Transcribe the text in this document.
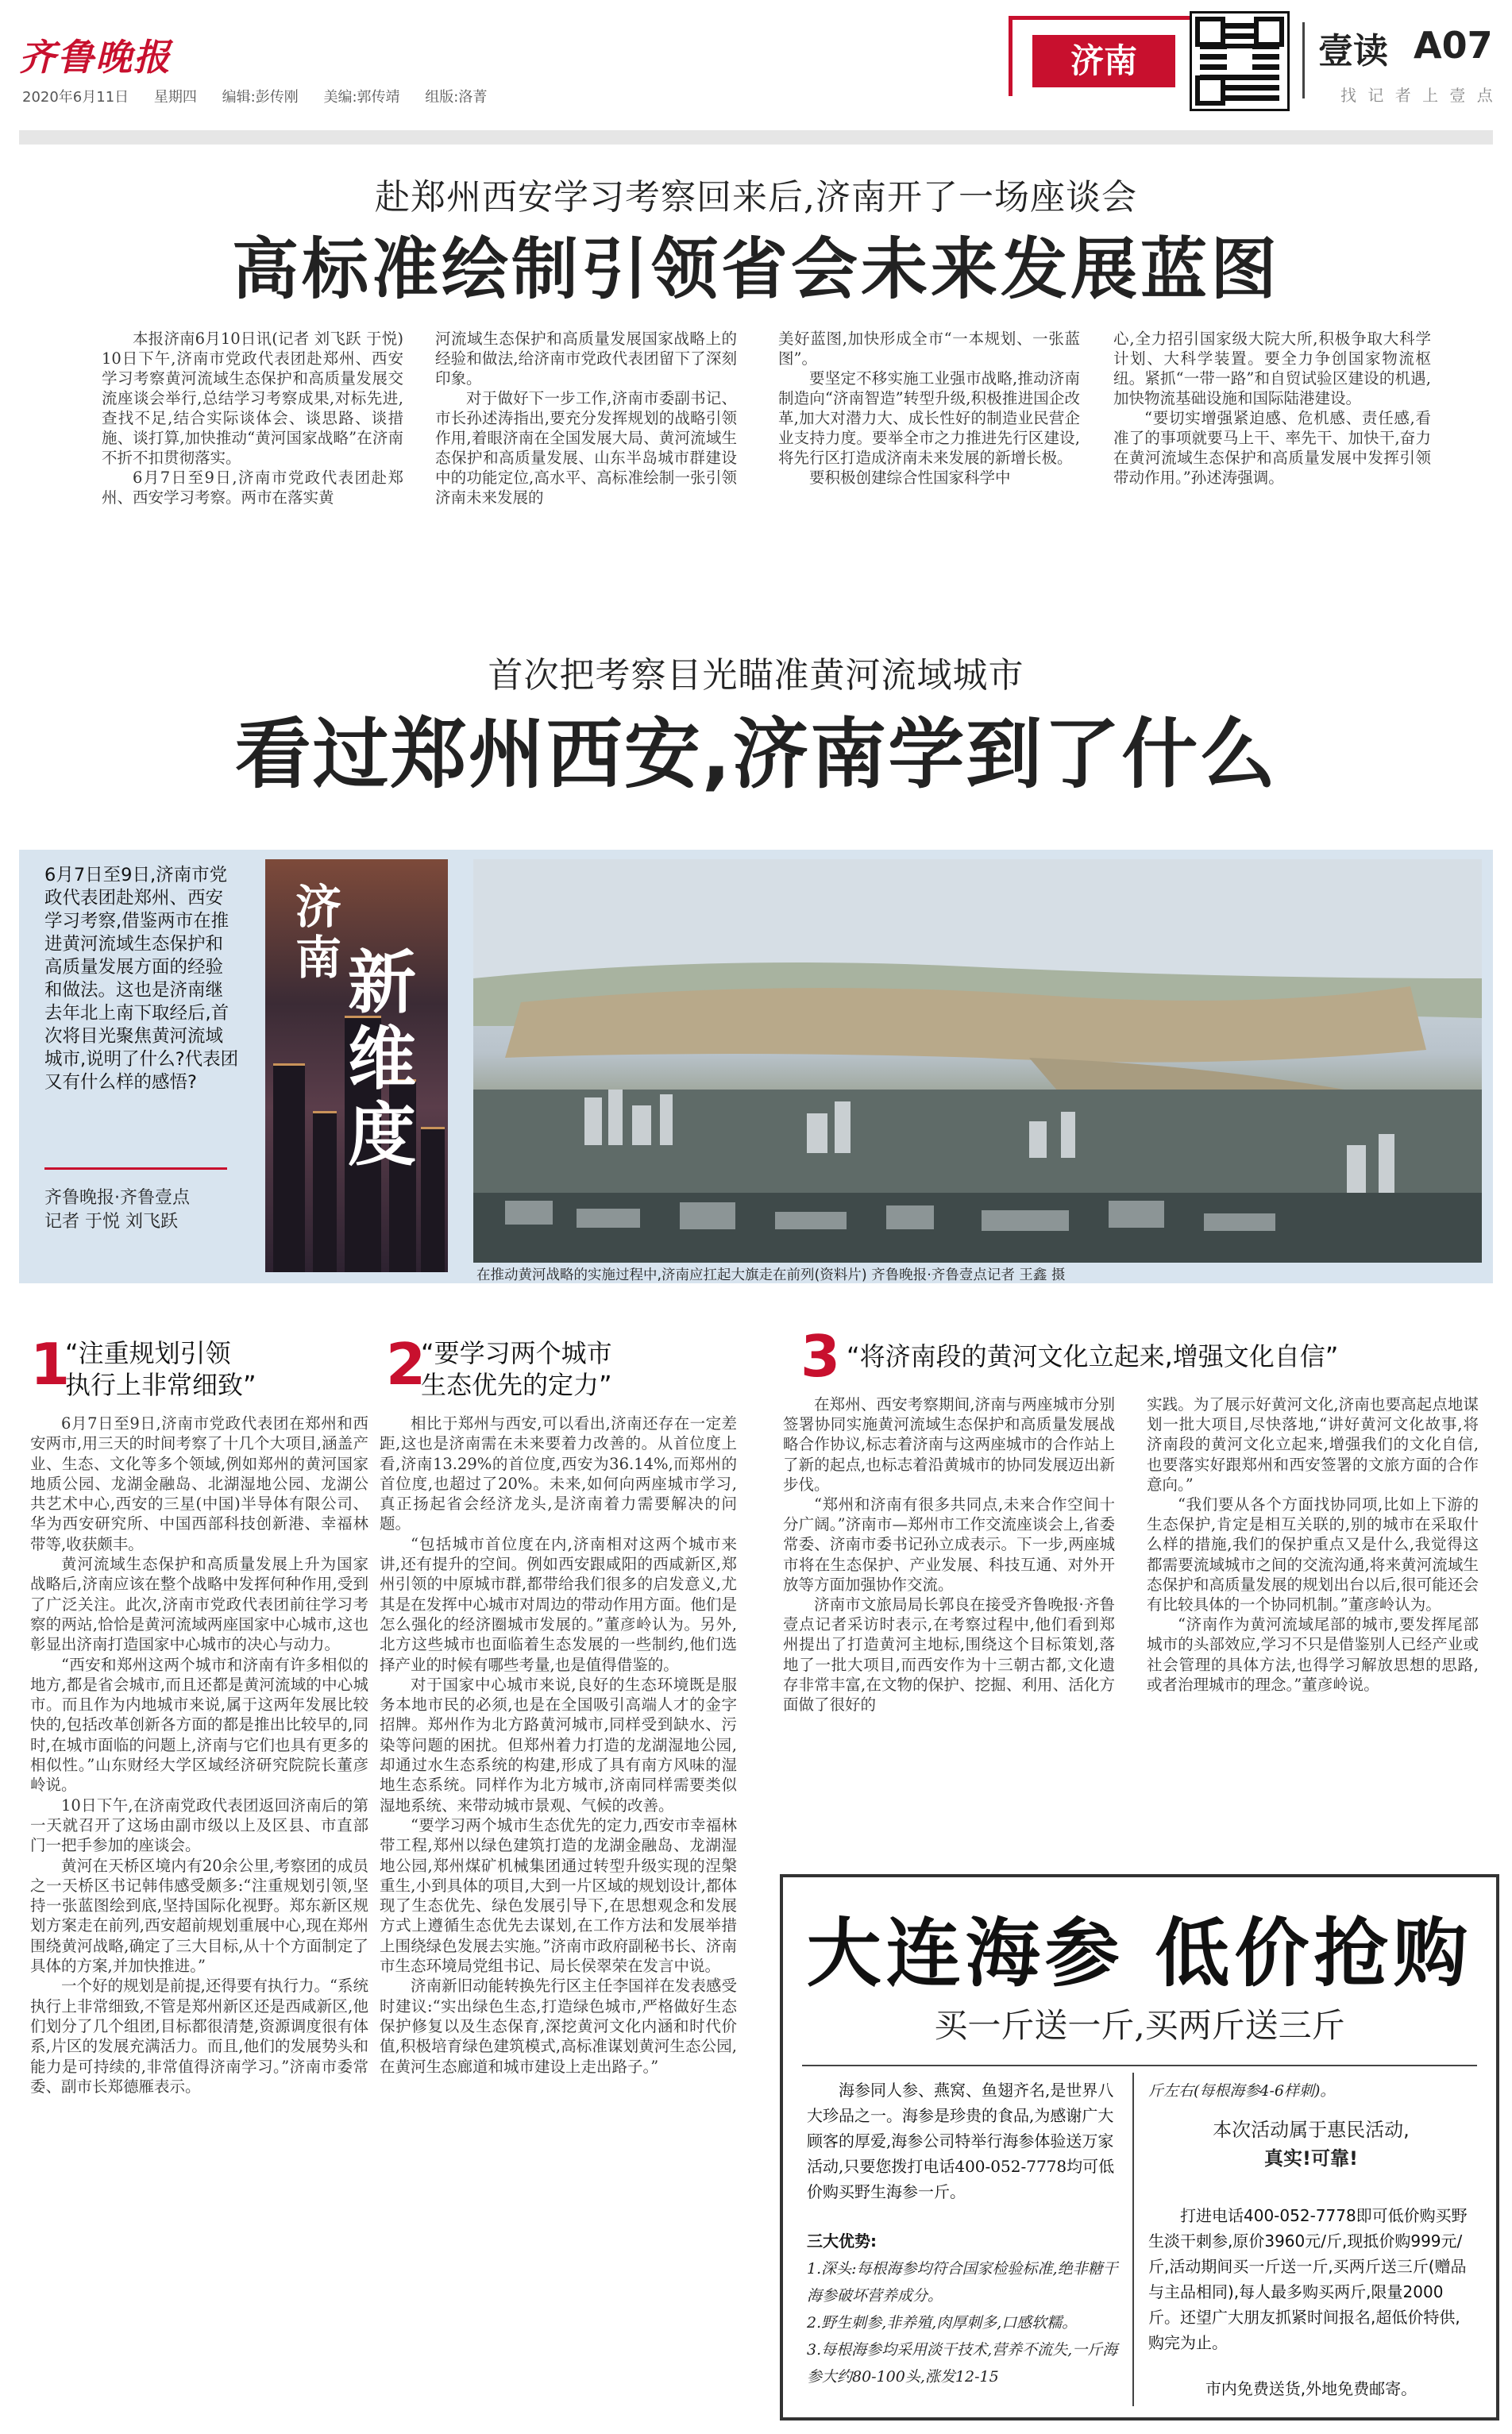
齐鲁晚报
2020年6月11日 星期四 编辑:彭传刚 美编:郭传靖 组版:洛菁
济南	壹读 A07
找 记 者 上 壹 点
赴郑州西安学习考察回来后,济南开了一场座谈会
高标准绘制引领省会未来发展蓝图

本报济南6月10日讯(记者 刘飞跃 于悦) 10日下午,济南市党政代表团赴郑州、西安学习考察黄河流域生态保护和高质量发展交流座谈会举行,总结学习考察成果,对标先进,查找不足,结合实际谈体会、谈思路、谈措施、谈打算,加快推动“黄河国家战略”在济南不折不扣贯彻落实。

6月7日至9日,济南市党政代表团赴郑州、西安学习考察。两市在落实黄

河流域生态保护和高质量发展国家战略上的经验和做法,给济南市党政代表团留下了深刻印象。

对于做好下一步工作,济南市委副书记、市长孙述涛指出,要充分发挥规划的战略引领作用,着眼济南在全国发展大局、黄河流域生态保护和高质量发展、山东半岛城市群建设中的功能定位,高水平、高标准绘制一张引领济南未来发展的

美好蓝图,加快形成全市“一本规划、一张蓝图”。

要坚定不移实施工业强市战略,推动济南制造向“济南智造”转型升级,积极推进国企改革,加大对潜力大、成长性好的制造业民营企业支持力度。要举全市之力推进先行区建设,将先行区打造成济南未来发展的新增长极。

要积极创建综合性国家科学中

心,全力招引国家级大院大所,积极争取大科学计划、大科学装置。要全力争创国家物流枢纽。紧抓“一带一路”和自贸试验区建设的机遇,加快物流基础设施和国际陆港建设。

“要切实增强紧迫感、危机感、责任感,看准了的事项就要马上干、率先干、加快干,奋力在黄河流域生态保护和高质量发展中发挥引领带动作用。”孙述涛强调。

首次把考察目光瞄准黄河流域城市
看过郑州西安,济南学到了什么
6月7日至9日,济南市党政代表团赴郑州、西安学习考察,借鉴两市在推进黄河流域生态保护和高质量发展方面的经验和做法。这也是济南继去年北上南下取经后,首次将目光聚焦黄河流域城市,说明了什么?代表团又有什么样的感悟?
齐鲁晚报·齐鲁壹点
记者 于悦 刘飞跃
济南 新维度
在推动黄河战略的实施过程中,济南应扛起大旗走在前列(资料片) 齐鲁晚报·齐鲁壹点记者 王鑫 摄
1
“注重规划引领
执行上非常细致”

6月7日至9日,济南市党政代表团在郑州和西安两市,用三天的时间考察了十几个大项目,涵盖产业、生态、文化等多个领域,例如郑州的黄河国家地质公园、龙湖金融岛、北湖湿地公园、龙湖公共艺术中心,西安的三星(中国)半导体有限公司、华为西安研究所、中国西部科技创新港、幸福林带等,收获颇丰。

黄河流域生态保护和高质量发展上升为国家战略后,济南应该在整个战略中发挥何种作用,受到了广泛关注。此次,济南市党政代表团前往学习考察的两站,恰恰是黄河流域两座国家中心城市,这也彰显出济南打造国家中心城市的决心与动力。

“西安和郑州这两个城市和济南有许多相似的地方,都是省会城市,而且还都是黄河流域的中心城市。而且作为内地城市来说,属于这两年发展比较快的,包括改革创新各方面的都是推出比较早的,同时,在城市面临的问题上,济南与它们也具有更多的相似性。”山东财经大学区域经济研究院院长董彦岭说。

10日下午,在济南党政代表团返回济南后的第一天就召开了这场由副市级以上及区县、市直部门一把手参加的座谈会。

黄河在天桥区境内有20余公里,考察团的成员之一天桥区书记韩伟感受颇多:“注重规划引领,坚持一张蓝图绘到底,坚持国际化视野。郑东新区规划方案走在前列,西安超前规划重展中心,现在郑州围绕黄河战略,确定了三大目标,从十个方面制定了具体的方案,并加快推进。”

一个好的规划是前提,还得要有执行力。“系统执行上非常细致,不管是郑州新区还是西咸新区,他们划分了几个组团,目标都很清楚,资源调度很有体系,片区的发展充满活力。而且,他们的发展势头和能力是可持续的,非常值得济南学习。”济南市委常委、副市长郑德雁表示。

2
“要学习两个城市
生态优先的定力”

相比于郑州与西安,可以看出,济南还存在一定差距,这也是济南需在未来要着力改善的。从首位度上看,济南13.29%的首位度,西安为36.14%,而郑州的首位度,也超过了20%。未来,如何向两座城市学习,真正扬起省会经济龙头,是济南着力需要解决的问题。

“包括城市首位度在内,济南相对这两个城市来讲,还有提升的空间。例如西安跟咸阳的西咸新区,郑州引领的中原城市群,都带给我们很多的启发意义,尤其是在发挥中心城市对周边的带动作用方面。他们是怎么强化的经济圈城市发展的。”董彦岭认为。另外,北方这些城市也面临着生态发展的一些制约,他们选择产业的时候有哪些考量,也是值得借鉴的。

对于国家中心城市来说,良好的生态环境既是服务本地市民的必须,也是在全国吸引高端人才的金字招牌。郑州作为北方路黄河城市,同样受到缺水、污染等问题的困扰。但郑州着力打造的龙湖湿地公园,却通过水生态系统的构建,形成了具有南方风味的湿地生态系统。同样作为北方城市,济南同样需要类似湿地系统、来带动城市景观、气候的改善。

“要学习两个城市生态优先的定力,西安市幸福林带工程,郑州以绿色建筑打造的龙湖金融岛、龙湖湿地公园,郑州煤矿机械集团通过转型升级实现的涅槃重生,小到具体的项目,大到一片区域的规划设计,都体现了生态优先、绿色发展引导下,在思想观念和发展方式上遵循生态优先去谋划,在工作方法和发展举措上围绕绿色发展去实施。”济南市政府副秘书长、济南市生态环境局党组书记、局长侯翠荣在发言中说。

济南新旧动能转换先行区主任李国祥在发表感受时建议:“实出绿色生态,打造绿色城市,严格做好生态保护修复以及生态保育,深挖黄河文化内涵和时代价值,积极培育绿色建筑模式,高标准谋划黄河生态公园,在黄河生态廊道和城市建设上走出路子。”

3 “将济南段的黄河文化立起来,增强文化自信”

在郑州、西安考察期间,济南与两座城市分别签署协同实施黄河流域生态保护和高质量发展战略合作协议,标志着济南与这两座城市的合作站上了新的起点,也标志着沿黄城市的协同发展迈出新步伐。

“郑州和济南有很多共同点,未来合作空间十分广阔。”济南市—郑州市工作交流座谈会上,省委常委、济南市委书记孙立成表示。下一步,两座城市将在生态保护、产业发展、科技互通、对外开放等方面加强协作交流。

济南市文旅局局长郭良在接受齐鲁晚报·齐鲁壹点记者采访时表示,在考察过程中,他们看到郑州提出了打造黄河主地标,围绕这个目标策划,落地了一批大项目,而西安作为十三朝古都,文化遗存非常丰富,在文物的保护、挖掘、利用、活化方面做了很好的

实践。为了展示好黄河文化,济南也要高起点地谋划一批大项目,尽快落地,“讲好黄河文化故事,将济南段的黄河文化立起来,增强我们的文化自信,也要落实好跟郑州和西安签署的文旅方面的合作意向。”

“我们要从各个方面找协同项,比如上下游的生态保护,肯定是相互关联的,别的城市在采取什么样的措施,我们的保护重点又是什么,我觉得这都需要流域城市之间的交流沟通,将来黄河流域生态保护和高质量发展的规划出台以后,很可能还会有比较具体的一个协同机制。”董彦岭认为。

“济南作为黄河流域尾部的城市,要发挥尾部城市的头部效应,学习不只是借鉴别人已经产业或社会管理的具体方法,也得学习解放思想的思路,或者治理城市的理念。”董彦岭说。

大连海参 低价抢购
买一斤送一斤,买两斤送三斤
海参同人参、燕窝、鱼翅齐名,是世界八大珍品之一。海参是珍贵的食品,为感谢广大顾客的厚爱,海参公司特举行海参体验送万家活动,只要您拨打电话400-052-7778均可低价购买野生海参一斤。
三大优势:
1.深头:每根海参均符合国家检验标准,绝非糖干海参破坏营养成分。
2.野生刺参,非养殖,肉厚刺多,口感软糯。
3.每根海参均采用淡干技术,营养不流失,一斤海参大约80-100头,涨发12-15
斤左右(每根海参4-6样刺)。
本次活动属于惠民活动,
真实!可靠!
打进电话400-052-7778即可低价购买野生淡干刺参,原价3960元/斤,现抵价购999元/斤,活动期间买一斤送一斤,买两斤送三斤(赠品与主品相同),每人最多购买两斤,限量2000斤。还望广大朋友抓紧时间报名,超低价特供,购完为止。
市内免费送货,外地免费邮寄。
